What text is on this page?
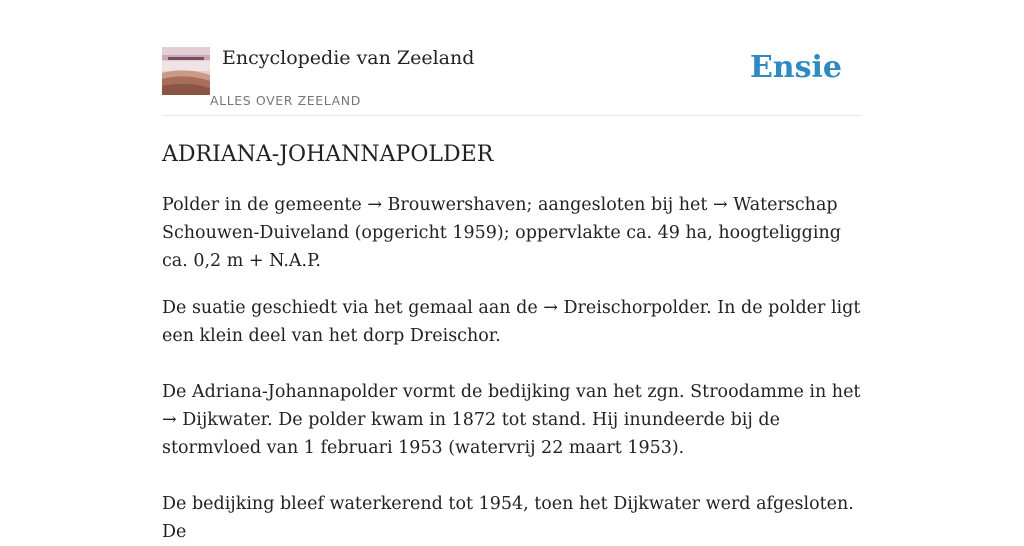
Encyclopedie van Zeeland
ALLES OVER ZEELAND
Ensie
ADRIANA-JOHANNAPOLDER

Polder in de gemeente → Brouwershaven; aangesloten bij het → Waterschap Schouwen-Duiveland (opgericht 1959); oppervlakte ca. 49 ha, hoogteligging ca. 0,2 m + N.A.P.

De suatie geschiedt via het gemaal aan de → Dreischorpolder. In de polder ligt een klein deel van het dorp Dreischor.

De Adriana-Johannapolder vormt de bedijking van het zgn. Stroodamme in het → Dijkwater. De polder kwam in 1872 tot stand. Hij inundeerde bij de stormvloed van 1 februari 1953 (watervrij 22 maart 1953).

De bedijking bleef waterkerend tot 1954, toen het Dijkwater werd afgesloten. De
